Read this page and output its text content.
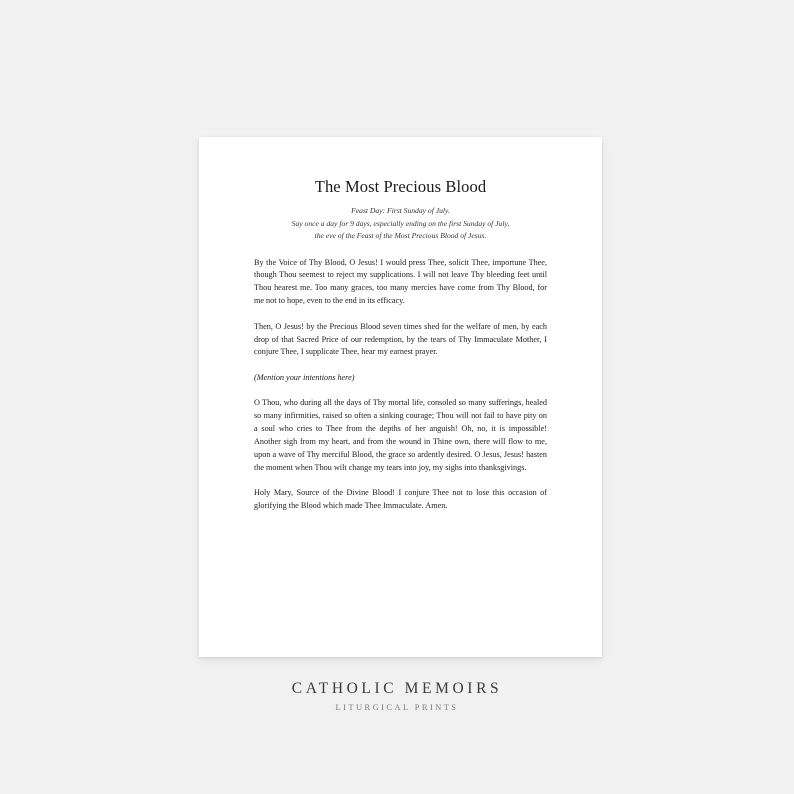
The Most Precious Blood
Feast Day: First Sunday of July.
Say once a day for 9 days, especially ending on the first Sunday of July,
the eve of the Feast of the Most Precious Blood of Jesus.

By the Voice of Thy Blood, O Jesus! I would press Thee, solicit Thee, importune Thee, though Thou seemest to reject my supplications. I will not leave Thy bleeding feet until Thou hearest me. Too many graces, too many mercies have come from Thy Blood, for me not to hope, even to the end in its efficacy.

Then, O Jesus! by the Precious Blood seven times shed for the welfare of men, by each drop of that Sacred Price of our redemption, by the tears of Thy Immaculate Mother, I conjure Thee, I supplicate Thee, hear my earnest prayer.

(Mention your intentions here)

O Thou, who during all the days of Thy mortal life, consoled so many sufferings, healed so many infirmities, raised so often a sinking courage; Thou will not fail to have pity on a soul who cries to Thee from the depths of her anguish! Oh, no, it is impossible! Another sigh from my heart, and from the wound in Thine own, there will flow to me, upon a wave of Thy merciful Blood, the grace so ardently desired. O Jesus, Jesus! hasten the moment when Thou wilt change my tears into joy, my sighs into thanksgivings.

Holy Mary, Source of the Divine Blood! I conjure Thee not to lose this occasion of glorifying the Blood which made Thee Immaculate. Amen.

CATHOLIC MEMOIRS
LITURGICAL PRINTS
